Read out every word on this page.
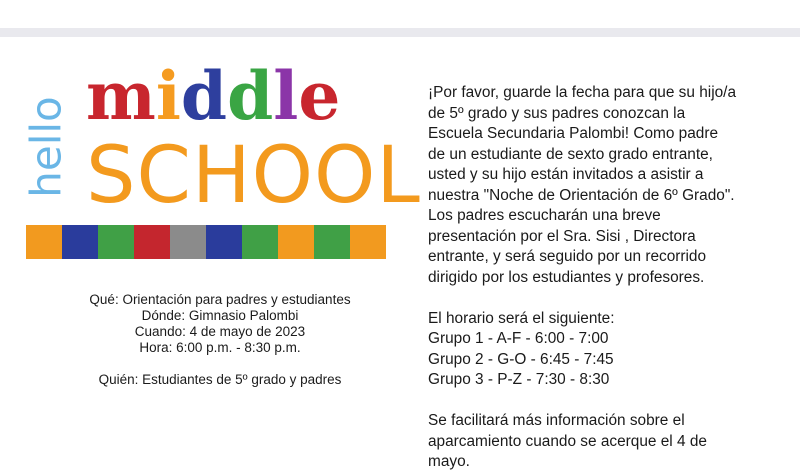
hello
middle
SCHOOL
Qué: Orientación para padres y estudiantes
Dónde: Gimnasio Palombi
Cuando: 4 de mayo de 2023
Hora: 6:00 p.m. - 8:30 p.m.
Quién: Estudiantes de 5º grado y padres

¡Por favor, guarde la fecha para que su hijo/a

de 5º grado y sus padres conozcan la

Escuela Secundaria Palombi! Como padre

de un estudiante de sexto grado entrante,

usted y su hijo están invitados a asistir a

nuestra "Noche de Orientación de 6º Grado".

Los padres escucharán una breve

presentación por el Sra. Sisi , Directora

entrante, y será seguido por un recorrido

dirigido por los estudiantes y profesores.

El horario será el siguiente:

Grupo 1 - A-F - 6:00 - 7:00

Grupo 2 - G-O - 6:45 - 7:45

Grupo 3 - P-Z - 7:30 - 8:30

Se facilitará más información sobre el

aparcamiento cuando se acerque el 4 de

mayo.
